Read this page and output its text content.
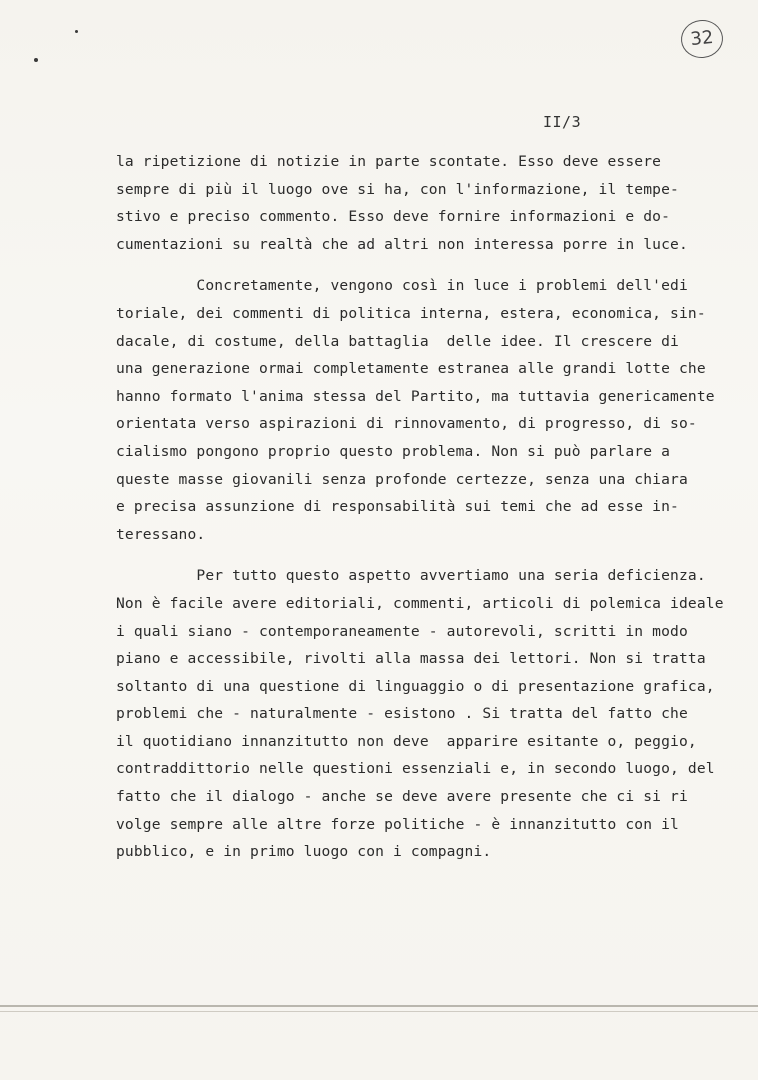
32
II/3
la ripetizione di notizie in parte scontate. Esso deve essere
sempre di più il luogo ove si ha, con l'informazione, il tempe-
stivo e preciso commento. Esso deve fornire informazioni e do-
cumentazioni su realtà che ad altri non interessa porre in luce.
Concretamente, vengono così in luce i problemi dell'edi
toriale, dei commenti di politica interna, estera, economica, sin-
dacale, di costume, della battaglia  delle idee. Il crescere di
una generazione ormai completamente estranea alle grandi lotte che
hanno formato l'anima stessa del Partito, ma tuttavia genericamente
orientata verso aspirazioni di rinnovamento, di progresso, di so-
cialismo pongono proprio questo problema. Non si può parlare a
queste masse giovanili senza profonde certezze, senza una chiara
e precisa assunzione di responsabilità sui temi che ad esse in-
teressano.
Per tutto questo aspetto avvertiamo una seria deficienza.
Non è facile avere editoriali, commenti, articoli di polemica ideale
i quali siano - contemporaneamente - autorevoli, scritti in modo
piano e accessibile, rivolti alla massa dei lettori. Non si tratta
soltanto di una questione di linguaggio o di presentazione grafica,
problemi che - naturalmente - esistono . Si tratta del fatto che
il quotidiano innanzitutto non deve  apparire esitante o, peggio,
contraddittorio nelle questioni essenziali e, in secondo luogo, del
fatto che il dialogo - anche se deve avere presente che ci si ri
volge sempre alle altre forze politiche - è innanzitutto con il
pubblico, e in primo luogo con i compagni.
